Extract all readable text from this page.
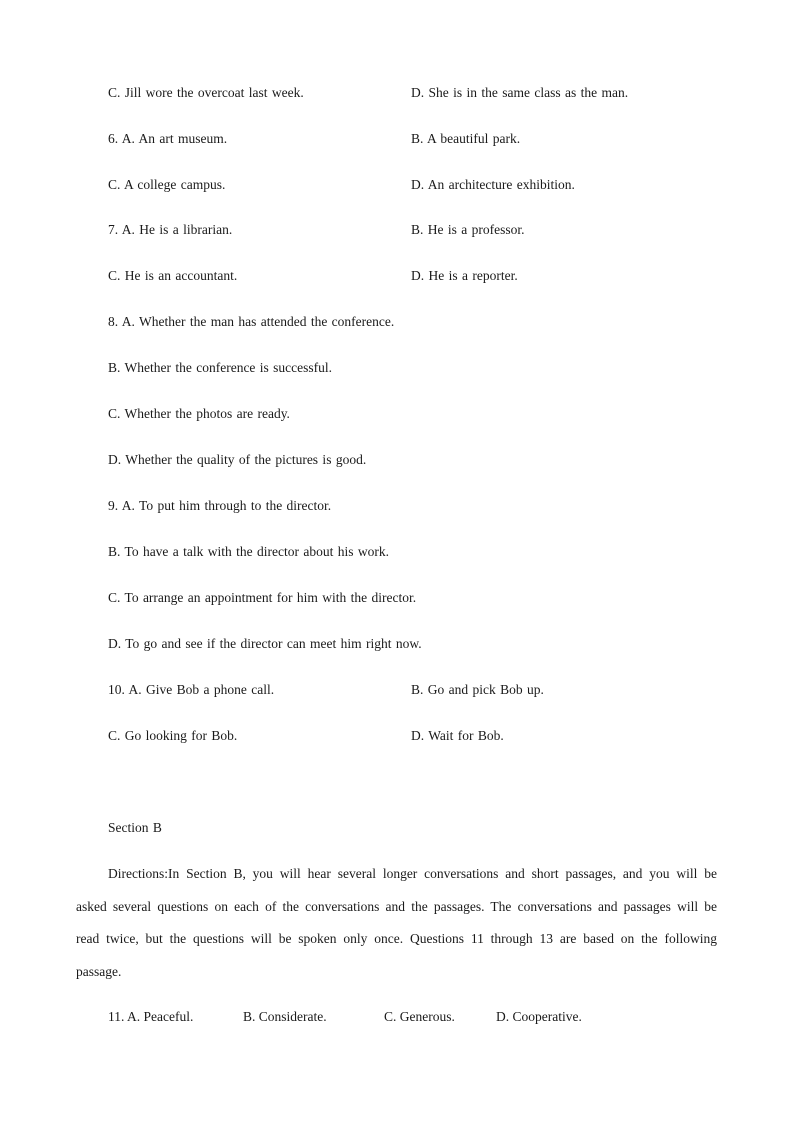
C. Jill wore the overcoat last week.	D. She is in the same class as the man.
6. A. An art museum.	B. A beautiful park.
C. A college campus.	D. An architecture exhibition.
7. A. He is a librarian.	B. He is a professor.
C. He is an accountant.	D. He is a reporter.
8. A. Whether the man has attended the conference.
B. Whether the conference is successful.
C. Whether the photos are ready.
D. Whether the quality of the pictures is good.
9. A. To put him through to the director.
B. To have a talk with the director about his work.
C. To arrange an appointment for him with the director.
D. To go and see if the director can meet him right now.
10. A. Give Bob a phone call.	B. Go and pick Bob up.
C. Go looking for Bob.	D. Wait for Bob.
Section B
Directions:In Section B, you will hear several longer conversations and short passages, and you will be asked several questions on each of the conversations and the passages. The conversations and passages will be read twice, but the questions will be spoken only once. Questions 11 through 13 are based on the following passage.
11. A. Peaceful.	B. Considerate.	C. Generous.	D. Cooperative.
